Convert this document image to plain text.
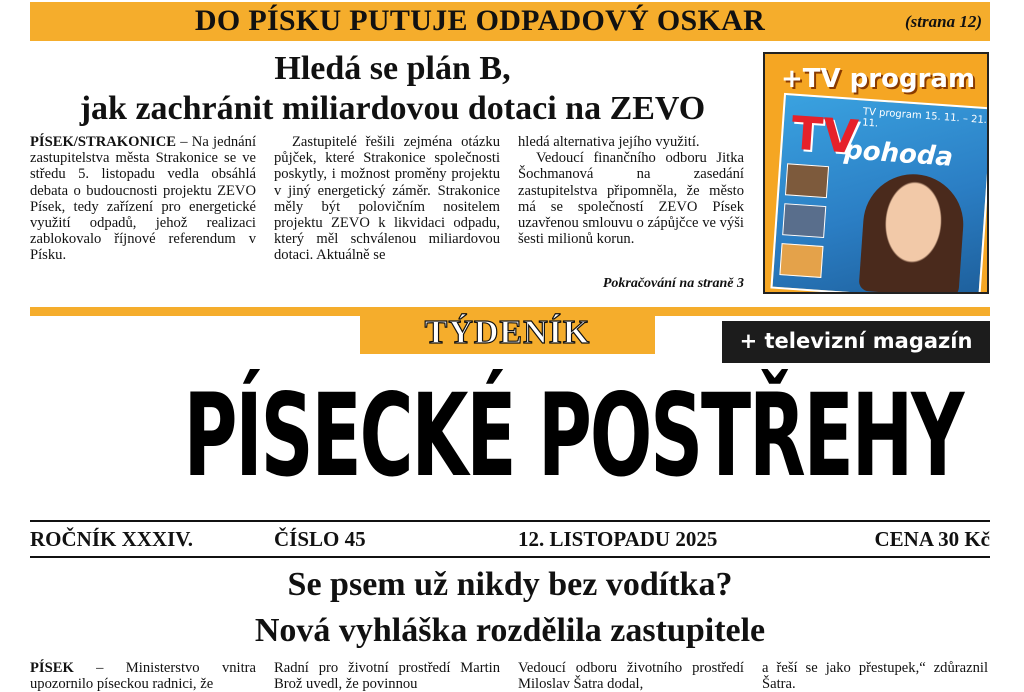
DO PÍSKU PUTUJE ODPADOVÝ OSKAR	(strana 12)
Hledá se plán B,
jak zachránit miliardovou dotaci na ZEVO

PÍSEK/STRAKONICE – Na jednání zastupitelstva města Strakonice se ve středu 5. listopadu vedla obsáhlá debata o budoucnosti projektu ZEVO Písek, tedy zařízení pro energetické využití odpadů, jehož realizaci zablokovalo říjnové referendum v Písku.

Zastupitelé řešili zejména otázku půjček, které Strakonice společnosti poskytly, i možnost proměny projektu v jiný energetický záměr. Strakonice měly být polovičním nositelem projektu ZEVO k likvidaci odpadu, který měl schválenou miliardovou dotaci. Aktuálně se

hledá alternativa jejího využití.

Vedoucí finančního odboru Jitka Šochmanová na zasedání zastupitelstva připomněla, že město má se společností ZEVO Písek uzavřenou smlouvu o zápůjčce ve výši šesti milionů korun.

Pokračování na straně 3
+TV program
TV TV program 15. 11. – 21. 11.
pohoda
TÝDENÍK	+ televizní magazín
PÍSECKÉ POSTŘEHY
ROČNÍK XXXIV.	ČÍSLO 45	12. LISTOPADU 2025	CENA 30 Kč
Se psem už nikdy bez vodítka?
Nová vyhláška rozdělila zastupitele
PÍSEK – Ministerstvo vnitra upozornilo píseckou radnici, že
Radní pro životní prostředí Martin Brož uvedl, že povinnou
Vedoucí odboru životního prostředí Miloslav Šatra dodal,
a řeší se jako přestupek,“ zdůraznil Šatra.
